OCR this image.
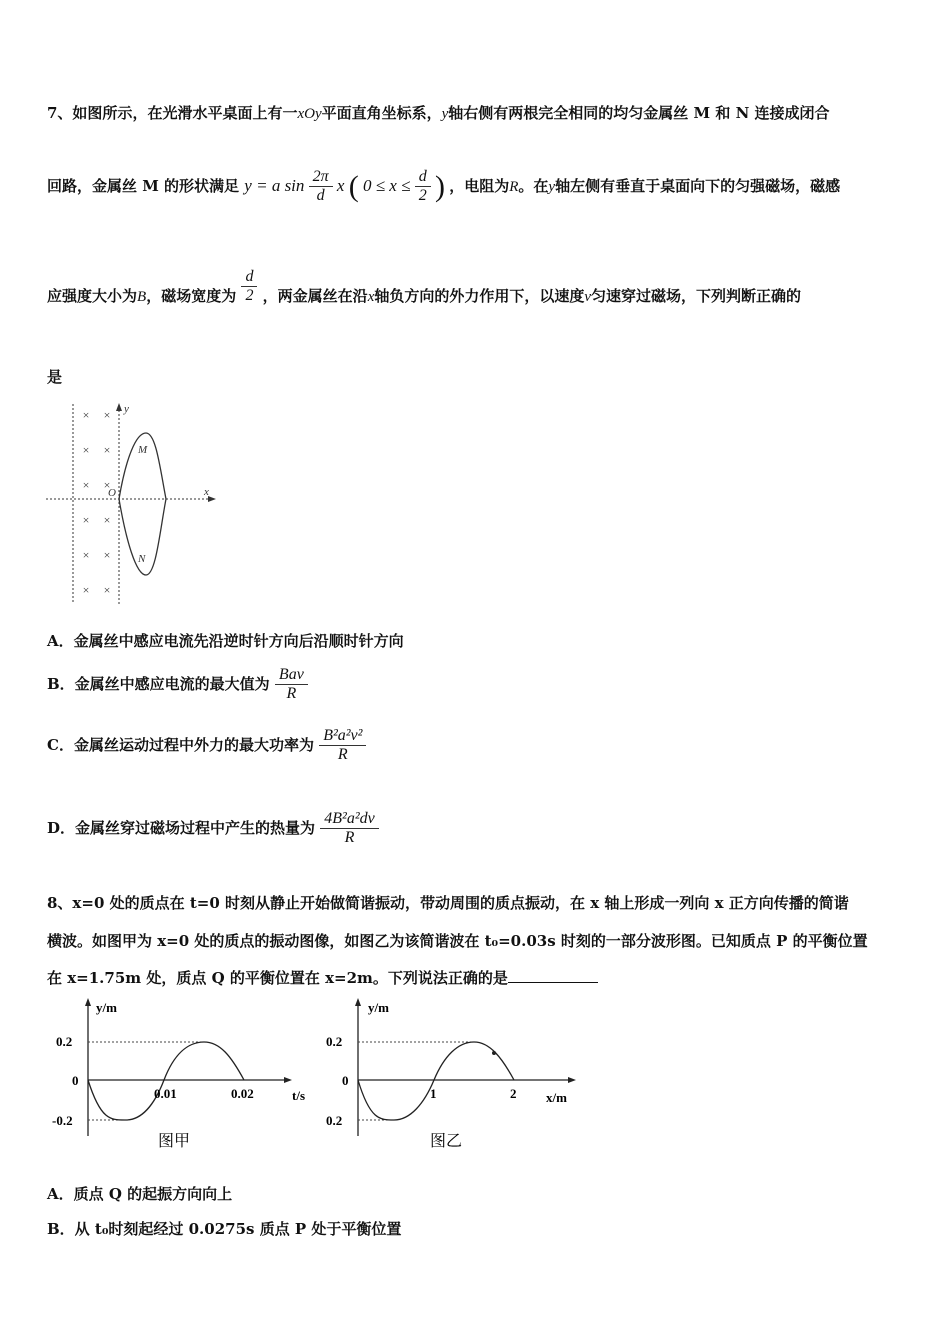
7、如图所示，在光滑水平桌面上有一xOy平面直角坐标系，y轴右侧有两根完全相同的均匀金属丝 M 和 N 连接成闭合
回路，金属丝 M 的形状满足 y = a $\sin \frac{2\pi}{d}$ x ( $0 \le x \le \frac{d}{2}$ ) ，电阻为R。在y轴左侧有垂直于桌面向下的匀强磁场，磁感
应强度大小为B，磁场宽度为 $\frac{d}{2}$ ，两金属丝在沿x轴负方向的外力作用下，以速度v匀速穿过磁场，下列判断正确的
是
× ×
× ×
× ×
× ×
× ×
× ×
y
x
O
M
N
A．金属丝中感应电流先沿逆时针方向后沿顺时针方向
B．金属丝中感应电流的最大值为 $\frac{\text{Bav}}{R}$
C．金属丝运动过程中外力的最大功率为 $\frac{\text{B²a²v²}}{R}$
D．金属丝穿过磁场过程中产生的热量为 $\frac{\text{4B²a²dv}}{R}$
8、x=0 处的质点在 t=0 时刻从静止开始做简谐振动，带动周围的质点振动，在 x 轴上形成一列向 x 正方向传播的简谐
横波。如图甲为 x=0 处的质点的振动图像，如图乙为该简谐波在 t₀=0.03s 时刻的一部分波形图。已知质点 P 的平衡位置
在 x=1.75m 处，质点 Q 的平衡位置在 x=2m。下列说法正确的是
y/m
0.2
0
-0.2
0.01	0.02	t/s
图甲
y/m
0.2
0
0.2
1	2 x/m
图乙
A．质点 Q 的起振方向向上
B．从 t₀时刻起经过 0.0275s 质点 P 处于平衡位置
